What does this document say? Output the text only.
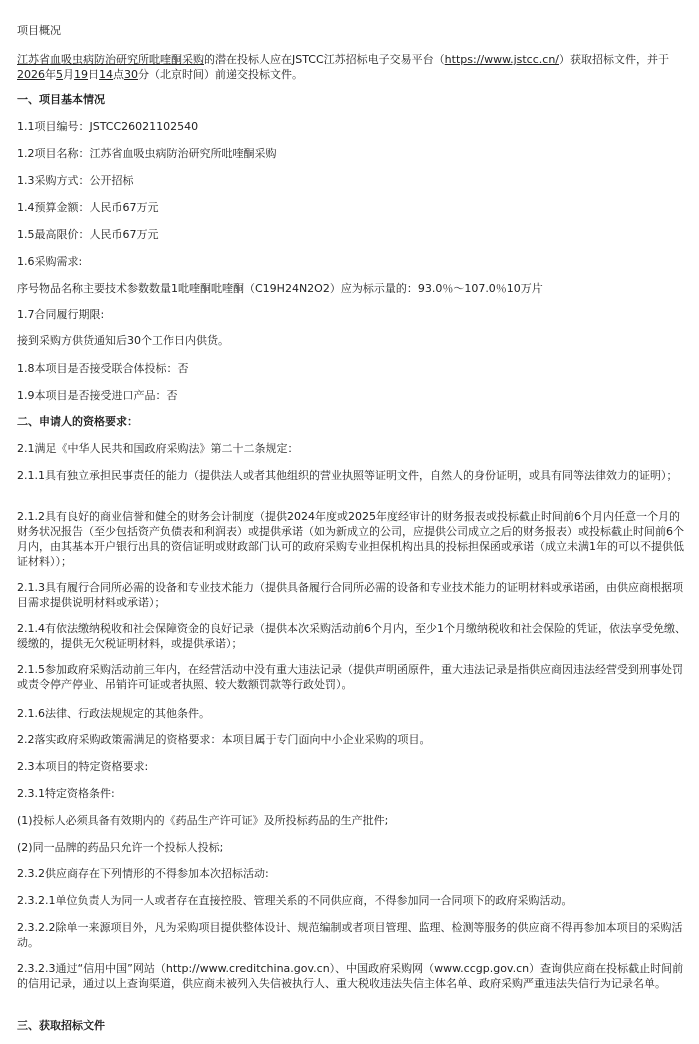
项目概况

江苏省血吸虫病防治研究所吡喹酮采购的潜在投标人应在JSTCC江苏招标电子交易平台（https://www.jstcc.cn/）获取招标文件，并于2026年5月19日14点30分（北京时间）前递交投标文件。

一、项目基本情况

1.1项目编号：JSTCC26021102540

1.2项目名称：江苏省血吸虫病防治研究所吡喹酮采购

1.3采购方式：公开招标

1.4预算金额：人民币67万元

1.5最高限价：人民币67万元

1.6采购需求:

序号物品名称主要技术参数数量1吡喹酮吡喹酮（C19H24N2O2）应为标示量的：93.0％～107.0％10万片

1.7合同履行期限:

接到采购方供货通知后30个工作日内供货。

1.8本项目是否接受联合体投标：否

1.9本项目是否接受进口产品：否

二、申请人的资格要求：

2.1满足《中华人民共和国政府采购法》第二十二条规定：

2.1.1具有独立承担民事责任的能力（提供法人或者其他组织的营业执照等证明文件，自然人的身份证明，或具有同等法律效力的证明）；

2.1.2具有良好的商业信誉和健全的财务会计制度（提供2024年度或2025年度经审计的财务报表或投标截止时间前6个月内任意一个月的财务状况报告（至少包括资产负债表和利润表）或提供承诺（如为新成立的公司，应提供公司成立之后的财务报表）或投标截止时间前6个月内，由其基本开户银行出具的资信证明或财政部门认可的政府采购专业担保机构出具的投标担保函或承诺（成立未满1年的可以不提供低证材料））；

2.1.3具有履行合同所必需的设备和专业技术能力（提供具备履行合同所必需的设备和专业技术能力的证明材料或承诺函，由供应商根据项目需求提供说明材料或承诺）；

2.1.4有依法缴纳税收和社会保障资金的良好记录（提供本次采购活动前6个月内，至少1个月缴纳税收和社会保险的凭证，依法享受免缴、缓缴的，提供无欠税证明材料，或提供承诺）；

2.1.5参加政府采购活动前三年内，在经营活动中没有重大违法记录（提供声明函原件，重大违法记录是指供应商因违法经营受到刑事处罚或责令停产停业、吊销许可证或者执照、较大数额罚款等行政处罚）。

2.1.6法律、行政法规规定的其他条件。

2.2落实政府采购政策需满足的资格要求：本项目属于专门面向中小企业采购的项目。

2.3本项目的特定资格要求:

2.3.1特定资格条件:

(1)投标人必须具备有效期内的《药品生产许可证》及所投标药品的生产批件;

(2)同一品牌的药品只允许一个投标人投标;

2.3.2供应商存在下列情形的不得参加本次招标活动:

2.3.2.1单位负责人为同一人或者存在直接控股、管理关系的不同供应商，不得参加同一合同项下的政府采购活动。

2.3.2.2除单一来源项目外，凡为采购项目提供整体设计、规范编制或者项目管理、监理、检测等服务的供应商不得再参加本项目的采购活动。

2.3.2.3通过“信用中国”网站（http://www.creditchina.gov.cn）、中国政府采购网（www.ccgp.gov.cn）查询供应商在投标截止时间前的信用记录，通过以上查询渠道，供应商未被列入失信被执行人、重大税收违法失信主体名单、政府采购严重违法失信行为记录名单。

三、获取招标文件
